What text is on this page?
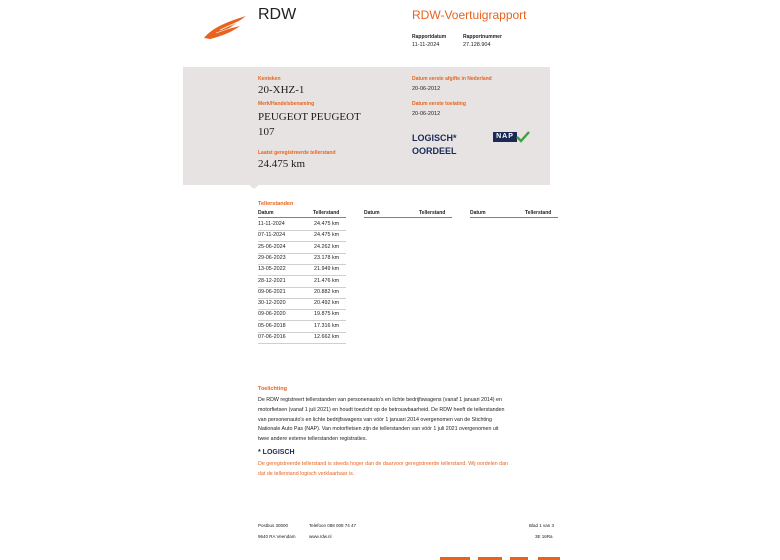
RDW	RDW-Voertuigrapport
Rapportdatum
11-11-2024
Rapportnummer
27.128.904
Kenteken
20-XHZ-1
Merk/Handelsbenaming
PEUGEOT PEUGEOT
107
Laatst geregistreerde tellerstand
24.475 km
Datum eerste afgifte in Nederland
20-06-2012
Datum eerste toelating
20-06-2012
LOGISCH*
OORDEEL
NAP
Tellerstanden
Datum	Tellerstand	Datum	Tellerstand	Datum	Tellerstand
11-11-2024	24.475 km
07-11-2024	24.475 km
25-06-2024	24.262 km
29-06-2023	23.178 km
13-05-2022	21.949 km
28-12-2021	21.476 km
09-06-2021	20.882 km
30-12-2020	20.492 km
09-06-2020	19.875 km
05-06-2018	17.316 km
07-06-2016	12.662 km
Toelichting
De RDW registreert tellerstanden van personenauto's en lichte bedrijfswagens (vanaf 1 januari 2014) en
motorfietsen (vanaf 1 juli 2021) en houdt toezicht op de betrouwbaarheid. De RDW heeft de tellerstanden
van personenauto's en lichte bedrijfswagens van vóór 1 januari 2014 overgenomen van de Stichting
Nationale Auto Pas (NAP). Van motorfietsen zijn de tellerstanden van vóór 1 juli 2021 overgenomen uit
twee andere externe tellerstanden registraties.
* LOGISCH
De geregistreerde tellerstand is steeds hoger dan de daarvoor geregistreerde tellerstand. Wij oordelen dan
dat de tellerstand logisch verklaarbaar is.
Postbus 30000	Telefoon 088 008 74 47	Blad 1 van 3
9640 RA Veendam	www.rdw.nl	3E 16Ra
